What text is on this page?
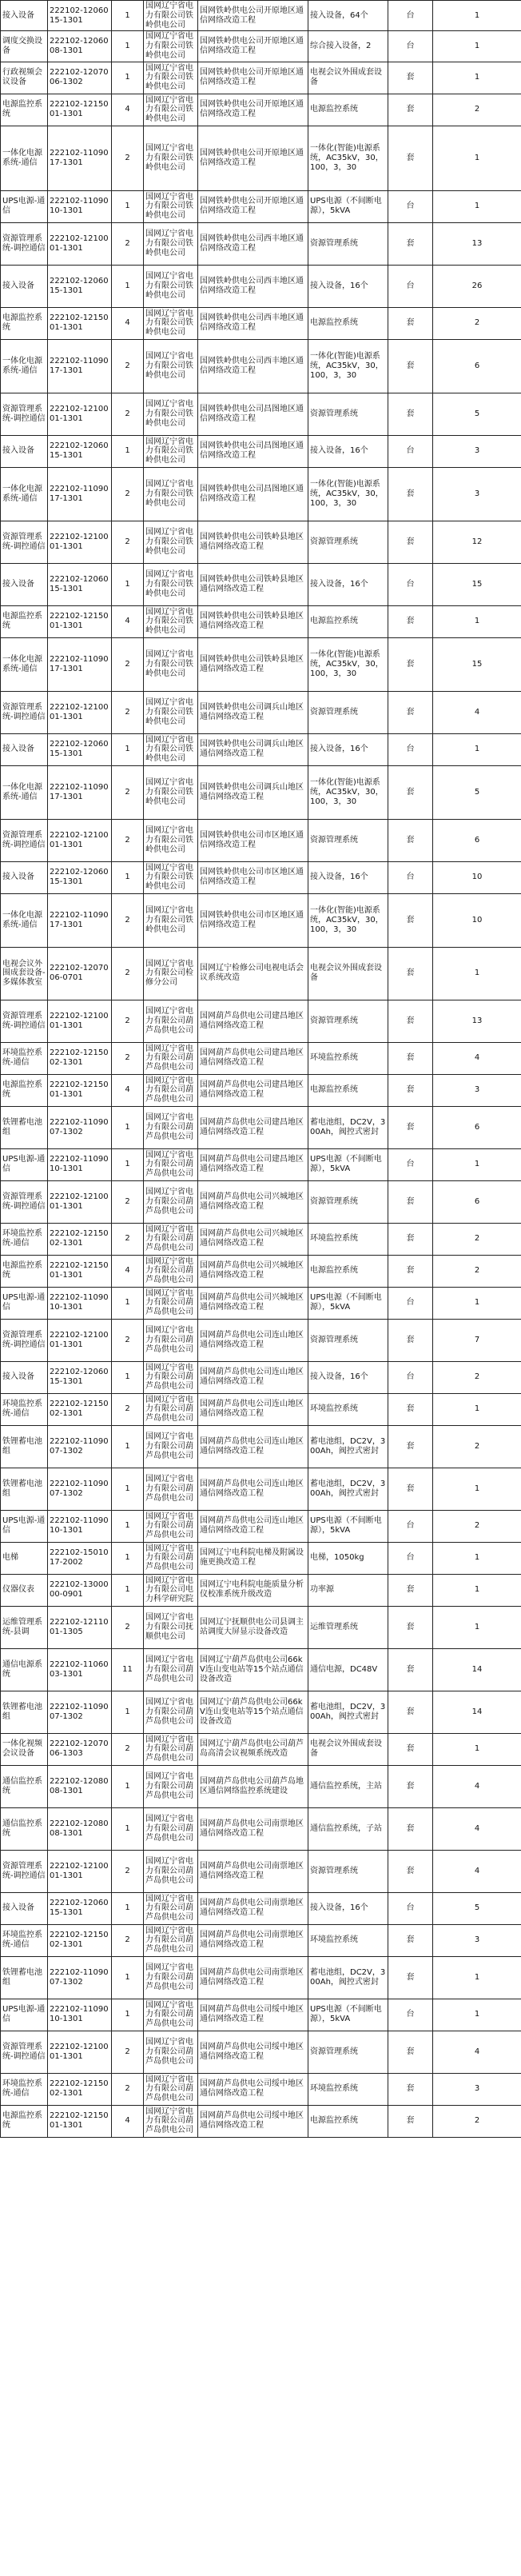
接入设备	222102-1206015-1301	1	国网辽宁省电力有限公司铁岭供电公司	国网铁岭供电公司开原地区通信网络改造工程	接入设备，64个	台	1
调度交换设备	222102-1206008-1301	1	国网辽宁省电力有限公司铁岭供电公司	国网铁岭供电公司开原地区通信网络改造工程	综合接入设备，2	台	1
行政视频会议设备	222102-1207006-1302	1	国网辽宁省电力有限公司铁岭供电公司	国网铁岭供电公司开原地区通信网络改造工程	电视会议外围成套设备	套	1
电源监控系统	222102-1215001-1301	4	国网辽宁省电力有限公司铁岭供电公司	国网铁岭供电公司开原地区通信网络改造工程	电源监控系统	套	2
一体化电源系统-通信	222102-1109017-1301	2	国网辽宁省电力有限公司铁岭供电公司	国网铁岭供电公司开原地区通信网络改造工程	一体化(智能)电源系统，AC35kV，30，100，3，30	套	1
UPS电源-通信	222102-1109010-1301	1	国网辽宁省电力有限公司铁岭供电公司	国网铁岭供电公司开原地区通信网络改造工程	UPS电源（不间断电源），5kVA	台	1
资源管理系统-调控通信	222102-1210001-1301	2	国网辽宁省电力有限公司铁岭供电公司	国网铁岭供电公司西丰地区通信网络改造工程	资源管理系统	套	13
接入设备	222102-1206015-1301	1	国网辽宁省电力有限公司铁岭供电公司	国网铁岭供电公司西丰地区通信网络改造工程	接入设备，16个	台	26
电源监控系统	222102-1215001-1301	4	国网辽宁省电力有限公司铁岭供电公司	国网铁岭供电公司西丰地区通信网络改造工程	电源监控系统	套	2
一体化电源系统-通信	222102-1109017-1301	2	国网辽宁省电力有限公司铁岭供电公司	国网铁岭供电公司西丰地区通信网络改造工程	一体化(智能)电源系统，AC35kV，30，100，3，30	套	6
资源管理系统-调控通信	222102-1210001-1301	2	国网辽宁省电力有限公司铁岭供电公司	国网铁岭供电公司昌图地区通信网络改造工程	资源管理系统	套	5
接入设备	222102-1206015-1301	1	国网辽宁省电力有限公司铁岭供电公司	国网铁岭供电公司昌图地区通信网络改造工程	接入设备，16个	台	3
一体化电源系统-通信	222102-1109017-1301	2	国网辽宁省电力有限公司铁岭供电公司	国网铁岭供电公司昌图地区通信网络改造工程	一体化(智能)电源系统，AC35kV，30，100，3，30	套	3
资源管理系统-调控通信	222102-1210001-1301	2	国网辽宁省电力有限公司铁岭供电公司	国网铁岭供电公司铁岭县地区通信网络改造工程	资源管理系统	套	12
接入设备	222102-1206015-1301	1	国网辽宁省电力有限公司铁岭供电公司	国网铁岭供电公司铁岭县地区通信网络改造工程	接入设备，16个	台	15
电源监控系统	222102-1215001-1301	4	国网辽宁省电力有限公司铁岭供电公司	国网铁岭供电公司铁岭县地区通信网络改造工程	电源监控系统	套	1
一体化电源系统-通信	222102-1109017-1301	2	国网辽宁省电力有限公司铁岭供电公司	国网铁岭供电公司铁岭县地区通信网络改造工程	一体化(智能)电源系统，AC35kV，30，100，3，30	套	15
资源管理系统-调控通信	222102-1210001-1301	2	国网辽宁省电力有限公司铁岭供电公司	国网铁岭供电公司调兵山地区通信网络改造工程	资源管理系统	套	4
接入设备	222102-1206015-1301	1	国网辽宁省电力有限公司铁岭供电公司	国网铁岭供电公司调兵山地区通信网络改造工程	接入设备，16个	台	1
一体化电源系统-通信	222102-1109017-1301	2	国网辽宁省电力有限公司铁岭供电公司	国网铁岭供电公司调兵山地区通信网络改造工程	一体化(智能)电源系统，AC35kV，30，100，3，30	套	5
资源管理系统-调控通信	222102-1210001-1301	2	国网辽宁省电力有限公司铁岭供电公司	国网铁岭供电公司市区地区通信网络改造工程	资源管理系统	套	6
接入设备	222102-1206015-1301	1	国网辽宁省电力有限公司铁岭供电公司	国网铁岭供电公司市区地区通信网络改造工程	接入设备，16个	台	10
一体化电源系统-通信	222102-1109017-1301	2	国网辽宁省电力有限公司铁岭供电公司	国网铁岭供电公司市区地区通信网络改造工程	一体化(智能)电源系统，AC35kV，30，100，3，30	套	10
电视会议外围成套设备-多媒体教室	222102-1207006-0701	2	国网辽宁省电力有限公司检修分公司	国网辽宁检修公司电视电话会议系统改造	电视会议外围成套设备	套	1
资源管理系统-调控通信	222102-1210001-1301	2	国网辽宁省电力有限公司葫芦岛供电公司	国网葫芦岛供电公司建昌地区通信网络改造工程	资源管理系统	套	13
环境监控系统-通信	222102-1215002-1301	2	国网辽宁省电力有限公司葫芦岛供电公司	国网葫芦岛供电公司建昌地区通信网络改造工程	环境监控系统	套	4
电源监控系统	222102-1215001-1301	4	国网辽宁省电力有限公司葫芦岛供电公司	国网葫芦岛供电公司建昌地区通信网络改造工程	电源监控系统	套	3
铁锂蓄电池组	222102-1109007-1302	1	国网辽宁省电力有限公司葫芦岛供电公司	国网葫芦岛供电公司建昌地区通信网络改造工程	蓄电池组，DC2V，300Ah，阀控式密封	套	6
UPS电源-通信	222102-1109010-1301	1	国网辽宁省电力有限公司葫芦岛供电公司	国网葫芦岛供电公司建昌地区通信网络改造工程	UPS电源（不间断电源），5kVA	台	1
资源管理系统-调控通信	222102-1210001-1301	2	国网辽宁省电力有限公司葫芦岛供电公司	国网葫芦岛供电公司兴城地区通信网络改造工程	资源管理系统	套	6
环境监控系统-通信	222102-1215002-1301	2	国网辽宁省电力有限公司葫芦岛供电公司	国网葫芦岛供电公司兴城地区通信网络改造工程	环境监控系统	套	2
电源监控系统	222102-1215001-1301	4	国网辽宁省电力有限公司葫芦岛供电公司	国网葫芦岛供电公司兴城地区通信网络改造工程	电源监控系统	套	2
UPS电源-通信	222102-1109010-1301	1	国网辽宁省电力有限公司葫芦岛供电公司	国网葫芦岛供电公司兴城地区通信网络改造工程	UPS电源（不间断电源），5kVA	台	1
资源管理系统-调控通信	222102-1210001-1301	2	国网辽宁省电力有限公司葫芦岛供电公司	国网葫芦岛供电公司连山地区通信网络改造工程	资源管理系统	套	7
接入设备	222102-1206015-1301	1	国网辽宁省电力有限公司葫芦岛供电公司	国网葫芦岛供电公司连山地区通信网络改造工程	接入设备，16个	台	2
环境监控系统-通信	222102-1215002-1301	2	国网辽宁省电力有限公司葫芦岛供电公司	国网葫芦岛供电公司连山地区通信网络改造工程	环境监控系统	套	1
铁锂蓄电池组	222102-1109007-1302	1	国网辽宁省电力有限公司葫芦岛供电公司	国网葫芦岛供电公司连山地区通信网络改造工程	蓄电池组，DC2V，300Ah，阀控式密封	套	2
铁锂蓄电池组	222102-1109007-1302	1	国网辽宁省电力有限公司葫芦岛供电公司	国网葫芦岛供电公司连山地区通信网络改造工程	蓄电池组，DC2V，300Ah，阀控式密封	套	1
UPS电源-通信	222102-1109010-1301	1	国网辽宁省电力有限公司葫芦岛供电公司	国网葫芦岛供电公司连山地区通信网络改造工程	UPS电源（不间断电源），5kVA	台	2
电梯	222102-1501017-2002	1	国网辽宁省电力有限公司葫芦岛供电公司	国网辽宁电科院电梯及附属设施更换改造工程	电梯，1050kg	台	1
仪器仪表	222102-1300000-0901	1	国网辽宁省电力有限公司电力科学研究院	国网辽宁电科院电能质量分析仪校准系统升级改造	功率源	套	1
运维管理系统-县调	222102-1211001-1305	2	国网辽宁省电力有限公司抚顺供电公司	国网辽宁抚顺供电公司县调主站调度大屏显示设备改造	运维管理系统	套	1
通信电源系统	222102-1106003-1301	11	国网辽宁省电力有限公司葫芦岛供电公司	国网辽宁葫芦岛供电公司66kV连山变电站等15个站点通信设备改造	通信电源，DC48V	套	14
铁锂蓄电池组	222102-1109007-1302	1	国网辽宁省电力有限公司葫芦岛供电公司	国网辽宁葫芦岛供电公司66kV连山变电站等15个站点通信设备改造	蓄电池组，DC2V，300Ah，阀控式密封	套	14
一体化视频会议设备	222102-1207006-1303	2	国网辽宁省电力有限公司葫芦岛供电公司	国网辽宁葫芦岛供电公司葫芦岛高清会议视频系统改造	电视会议外围成套设备	套	1
通信监控系统	222102-1208008-1301	1	国网辽宁省电力有限公司葫芦岛供电公司	国网葫芦岛供电公司葫芦岛地区通信网络监控系统建设	通信监控系统，主站	套	4
通信监控系统	222102-1208008-1301	1	国网辽宁省电力有限公司葫芦岛供电公司	国网葫芦岛供电公司南票地区通信网络改造工程	通信监控系统，子站	套	4
资源管理系统-调控通信	222102-1210001-1301	2	国网辽宁省电力有限公司葫芦岛供电公司	国网葫芦岛供电公司南票地区通信网络改造工程	资源管理系统	套	4
接入设备	222102-1206015-1301	1	国网辽宁省电力有限公司葫芦岛供电公司	国网葫芦岛供电公司南票地区通信网络改造工程	接入设备，16个	台	5
环境监控系统-通信	222102-1215002-1301	2	国网辽宁省电力有限公司葫芦岛供电公司	国网葫芦岛供电公司南票地区通信网络改造工程	环境监控系统	套	3
铁锂蓄电池组	222102-1109007-1302	1	国网辽宁省电力有限公司葫芦岛供电公司	国网葫芦岛供电公司南票地区通信网络改造工程	蓄电池组，DC2V，300Ah，阀控式密封	套	1
UPS电源-通信	222102-1109010-1301	1	国网辽宁省电力有限公司葫芦岛供电公司	国网葫芦岛供电公司绥中地区通信网络改造工程	UPS电源（不间断电源），5kVA	台	1
资源管理系统-调控通信	222102-1210001-1301	2	国网辽宁省电力有限公司葫芦岛供电公司	国网葫芦岛供电公司绥中地区通信网络改造工程	资源管理系统	套	4
环境监控系统-通信	222102-1215002-1301	2	国网辽宁省电力有限公司葫芦岛供电公司	国网葫芦岛供电公司绥中地区通信网络改造工程	环境监控系统	套	3
电源监控系统	222102-1215001-1301	4	国网辽宁省电力有限公司葫芦岛供电公司	国网葫芦岛供电公司绥中地区通信网络改造工程	电源监控系统	套	2
